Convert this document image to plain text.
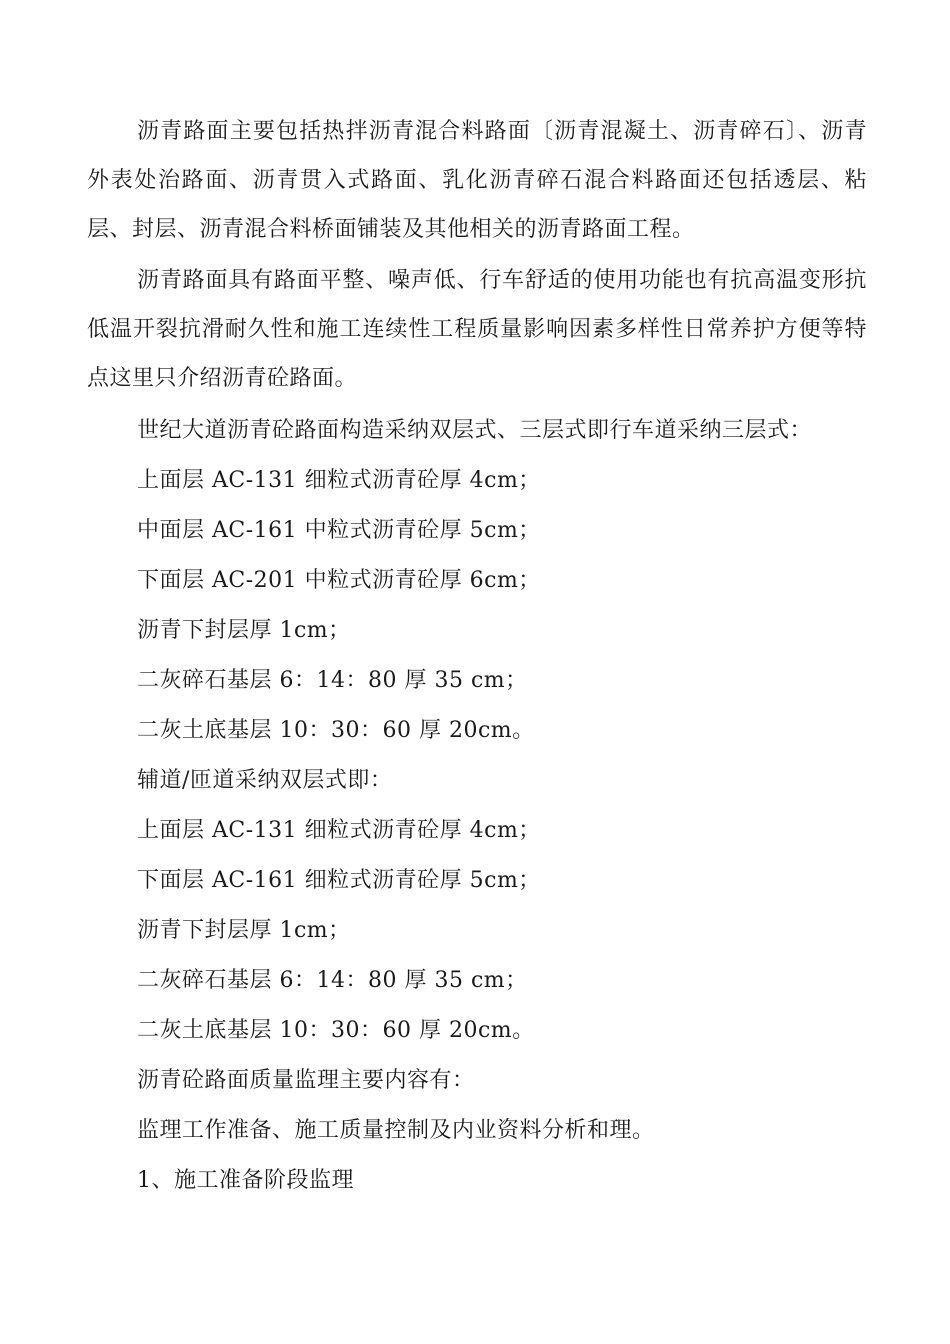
沥青路面主要包括热拌沥青混合料路面〔沥青混凝土、沥青碎石〕、沥青外表处治路面、沥青贯入式路面、乳化沥青碎石混合料路面还包括透层、粘层、封层、沥青混合料桥面铺装及其他相关的沥青路面工程。

沥青路面具有路面平整、噪声低、行车舒适的使用功能也有抗高温变形抗低温开裂抗滑耐久性和施工连续性工程质量影响因素多样性日常养护方便等特点这里只介绍沥青砼路面。

世纪大道沥青砼路面构造采纳双层式、三层式即行车道采纳三层式：

上面层 AC-131 细粒式沥青砼厚 4cm；

中面层 AC-161 中粒式沥青砼厚 5cm；

下面层 AC-201 中粒式沥青砼厚 6cm；

沥青下封层厚 1cm；

二灰碎石基层 6：14：80 厚 35 cm；

二灰土底基层 10：30：60 厚 20cm。

辅道/匝道采纳双层式即：

上面层 AC-131 细粒式沥青砼厚 4cm；

下面层 AC-161 细粒式沥青砼厚 5cm；

沥青下封层厚 1cm；

二灰碎石基层 6：14：80 厚 35 cm；

二灰土底基层 10：30：60 厚 20cm。

沥青砼路面质量监理主要内容有：

监理工作准备、施工质量控制及内业资料分析和理。

1、施工准备阶段监理
